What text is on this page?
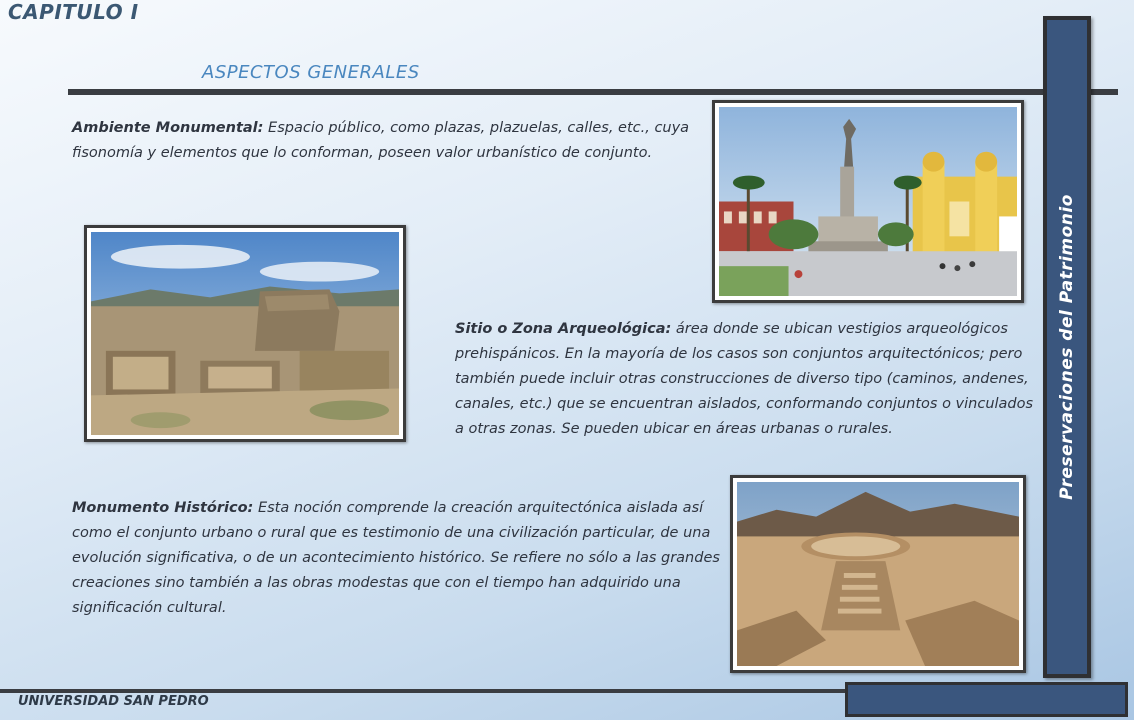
CAPITULO I
ASPECTOS GENERALES
Preservaciones del Patrimonio
Ambiente Monumental: Espacio público, como plazas, plazuelas, calles, etc., cuya fisonomía y elementos que lo conforman, poseen valor urbanístico de conjunto.
Sitio o Zona Arqueológica: área donde se ubican vestigios arqueológicos prehispánicos. En la mayoría de los casos son conjuntos arquitectónicos; pero también puede incluir otras construcciones de diverso tipo (caminos, andenes, canales, etc.) que se encuentran aislados, conformando conjuntos o vinculados a otras zonas. Se pueden ubicar en áreas urbanas o rurales.
Monumento Histórico: Esta noción comprende la creación arquitectónica aislada así como el conjunto urbano o rural que es testimonio de una civilización particular, de una evolución significativa, o de un acontecimiento histórico. Se refiere no sólo a las grandes creaciones sino también a las obras modestas que con el tiempo han adquirido una significación cultural.
UNIVERSIDAD SAN PEDRO
